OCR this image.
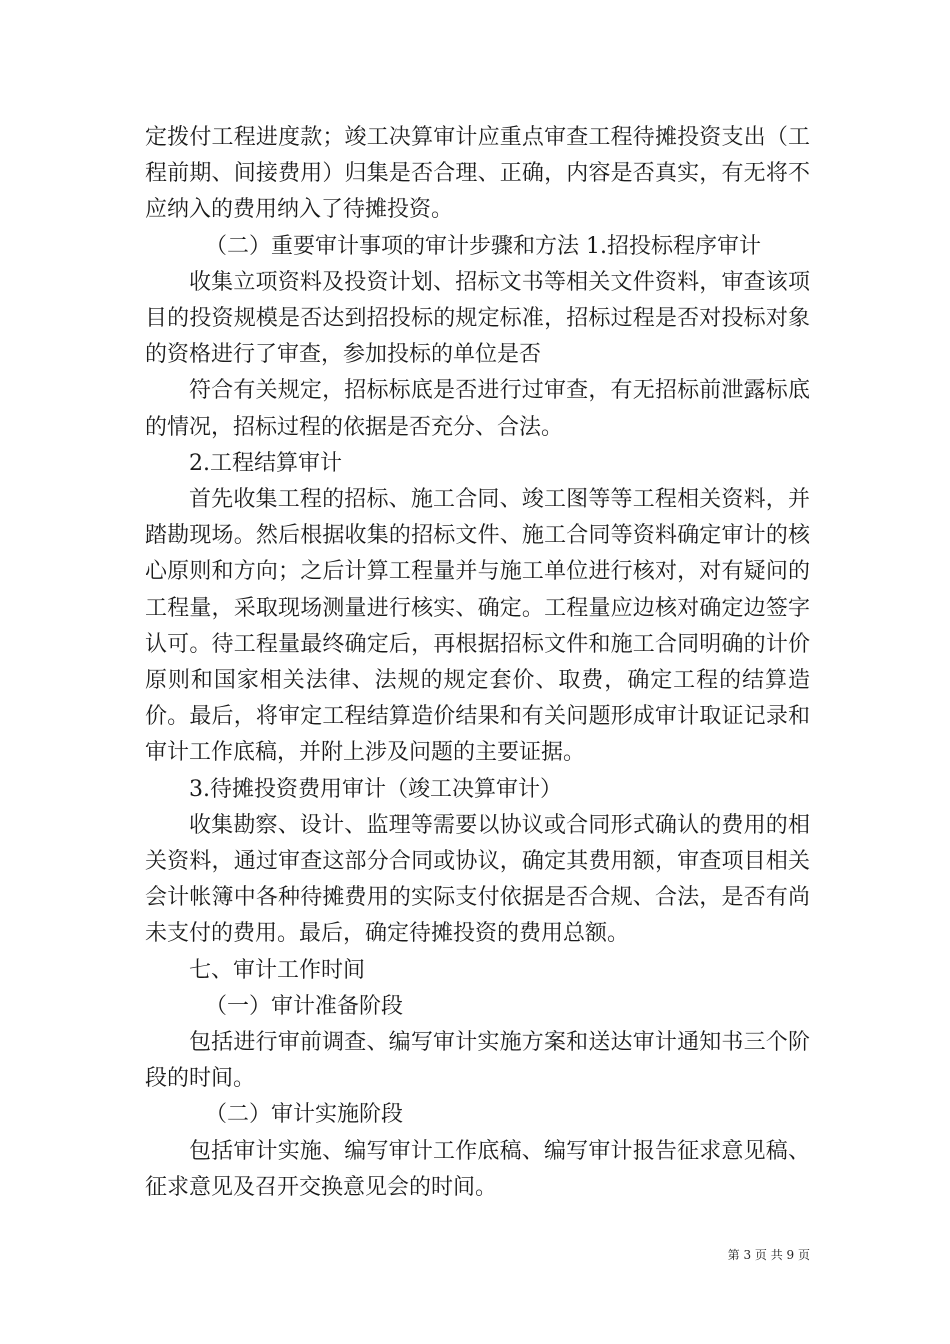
定拨付工程进度款；竣工决算审计应重点审查工程待摊投资支出（工程前期、间接费用）归集是否合理、正确，内容是否真实，有无将不应纳入的费用纳入了待摊投资。

（二）重要审计事项的审计步骤和方法 1.招投标程序审计

收集立项资料及投资计划、招标文书等相关文件资料，审查该项目的投资规模是否达到招投标的规定标准，招标过程是否对投标对象的资格进行了审查，参加投标的单位是否

符合有关规定，招标标底是否进行过审查，有无招标前泄露标底的情况，招标过程的依据是否充分、合法。

2.工程结算审计

首先收集工程的招标、施工合同、竣工图等等工程相关资料，并踏勘现场。然后根据收集的招标文件、施工合同等资料确定审计的核心原则和方向；之后计算工程量并与施工单位进行核对，对有疑问的工程量，采取现场测量进行核实、确定。工程量应边核对确定边签字认可。待工程量最终确定后，再根据招标文件和施工合同明确的计价原则和国家相关法律、法规的规定套价、取费，确定工程的结算造价。最后，将审定工程结算造价结果和有关问题形成审计取证记录和审计工作底稿，并附上涉及问题的主要证据。

3.待摊投资费用审计（竣工决算审计）

收集勘察、设计、监理等需要以协议或合同形式确认的费用的相关资料，通过审查这部分合同或协议，确定其费用额，审查项目相关会计帐簿中各种待摊费用的实际支付依据是否合规、合法，是否有尚未支付的费用。最后，确定待摊投资的费用总额。

七、审计工作时间

（一）审计准备阶段

包括进行审前调查、编写审计实施方案和送达审计通知书三个阶段的时间。

（二）审计实施阶段

包括审计实施、编写审计工作底稿、编写审计报告征求意见稿、征求意见及召开交换意见会的时间。

第 3 页 共 9 页
